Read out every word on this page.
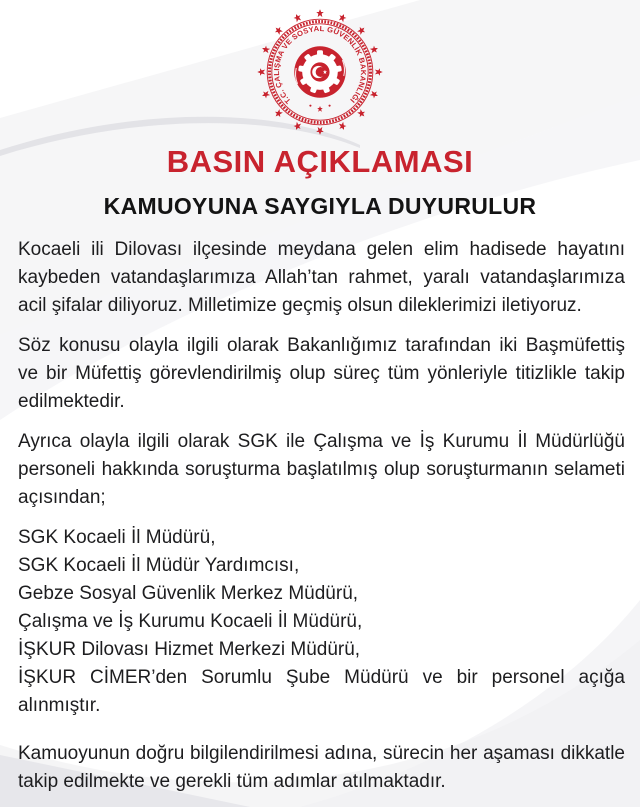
T.C. ÇALIŞMA VE SOSYAL GÜVENLİK BAKANLIĞI
BASIN AÇIKLAMASI
KAMUOYUNA SAYGIYLA DUYURULUR

Kocaeli ili Dilovası ilçesinde meydana gelen elim hadisede hayatını kaybeden vatandaşlarımıza Allah’tan rahmet, yaralı vatandaşlarımıza acil şifalar diliyoruz. Milletimize geçmiş olsun dileklerimizi iletiyoruz.

Söz konusu olayla ilgili olarak Bakanlığımız tarafından iki Başmüfettiş ve bir Müfettiş görevlendirilmiş olup süreç tüm yönleriyle titizlikle takip edilmektedir.

Ayrıca olayla ilgili olarak SGK ile Çalışma ve İş Kurumu İl Müdürlüğü personeli hakkında soruşturma başlatılmış olup soruşturmanın selameti açısından;

SGK Kocaeli İl Müdürü,
SGK Kocaeli İl Müdür Yardımcısı,
Gebze Sosyal Güvenlik Merkez Müdürü,
Çalışma ve İş Kurumu Kocaeli İl Müdürü,
İŞKUR Dilovası Hizmet Merkezi Müdürü,
İŞKUR CİMER’den Sorumlu Şube Müdürü ve bir personel açığa alınmıştır.

Kamuoyunun doğru bilgilendirilmesi adına, sürecin her aşaması dikkatle takip edilmekte ve gerekli tüm adımlar atılmaktadır.
